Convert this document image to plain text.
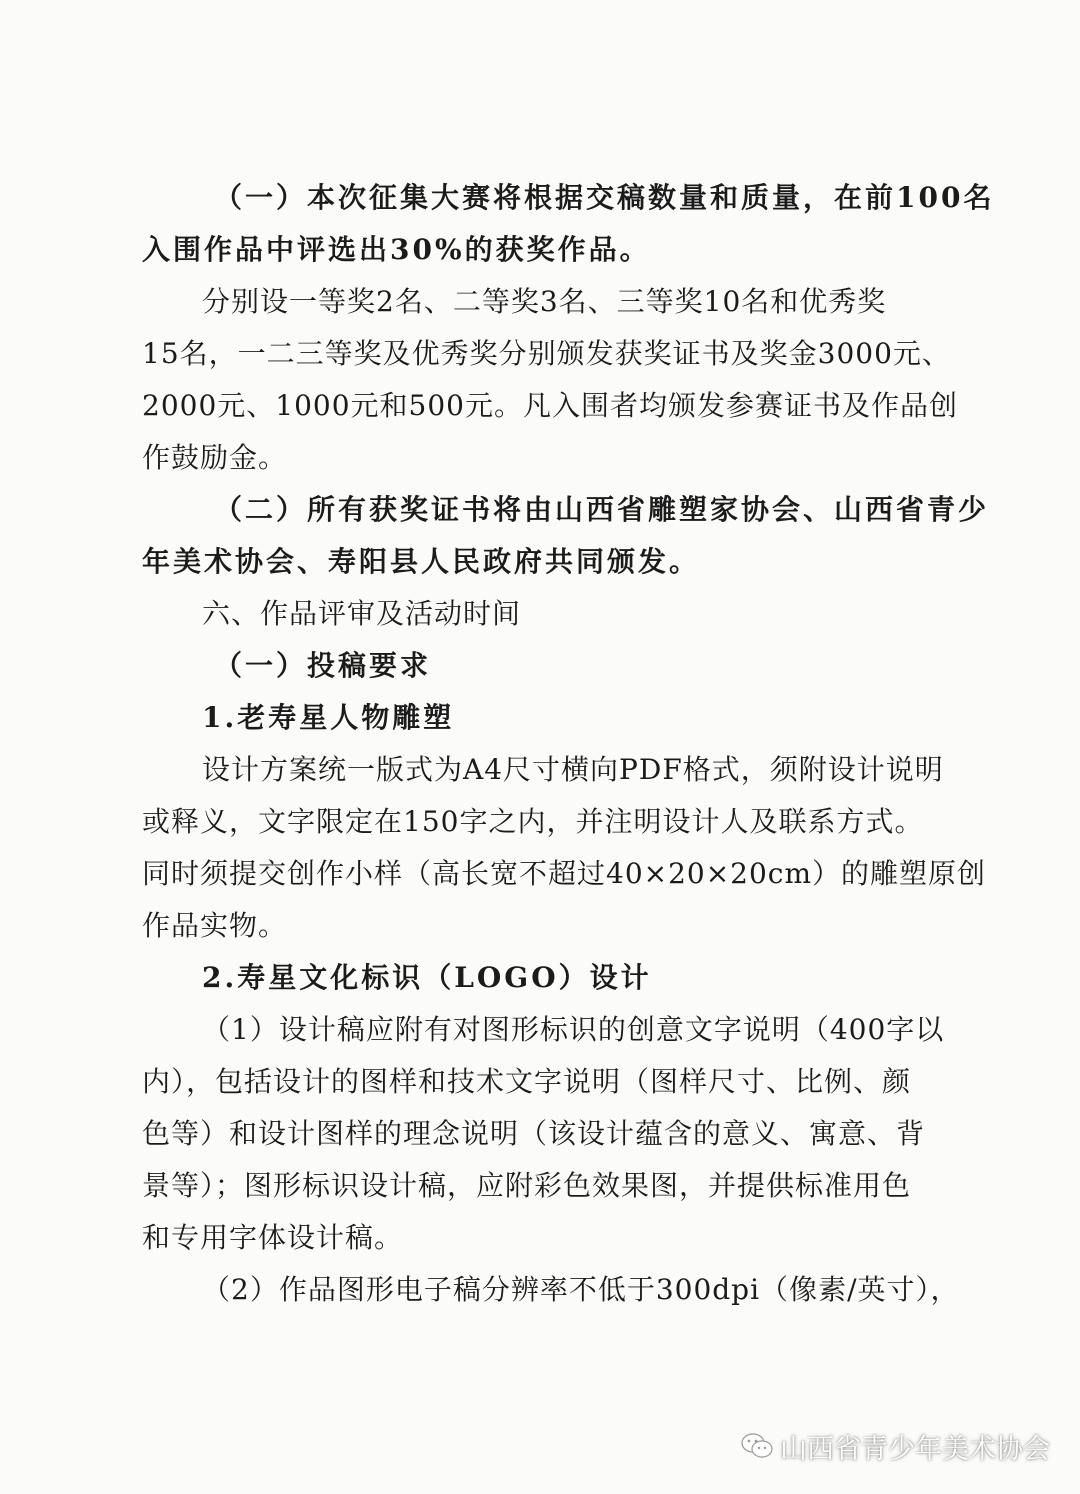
（一）本次征集大赛将根据交稿数量和质量，在前100名

入围作品中评选出30%的获奖作品。

分别设一等奖2名、二等奖3名、三等奖10名和优秀奖

15名，一二三等奖及优秀奖分别颁发获奖证书及奖金3000元、

2000元、1000元和500元。凡入围者均颁发参赛证书及作品创

作鼓励金。

（二）所有获奖证书将由山西省雕塑家协会、山西省青少

年美术协会、寿阳县人民政府共同颁发。

六、作品评审及活动时间

（一）投稿要求

1.老寿星人物雕塑

设计方案统一版式为A4尺寸横向PDF格式，须附设计说明

或释义，文字限定在150字之内，并注明设计人及联系方式。

同时须提交创作小样（高长宽不超过40×20×20cm）的雕塑原创

作品实物。

2.寿星文化标识（LOGO）设计

（1）设计稿应附有对图形标识的创意文字说明（400字以

内），包括设计的图样和技术文字说明（图样尺寸、比例、颜

色等）和设计图样的理念说明（该设计蕴含的意义、寓意、背

景等）；图形标识设计稿，应附彩色效果图，并提供标准用色

和专用字体设计稿。

（2）作品图形电子稿分辨率不低于300dpi（像素/英寸），

山西省青少年美术协会
